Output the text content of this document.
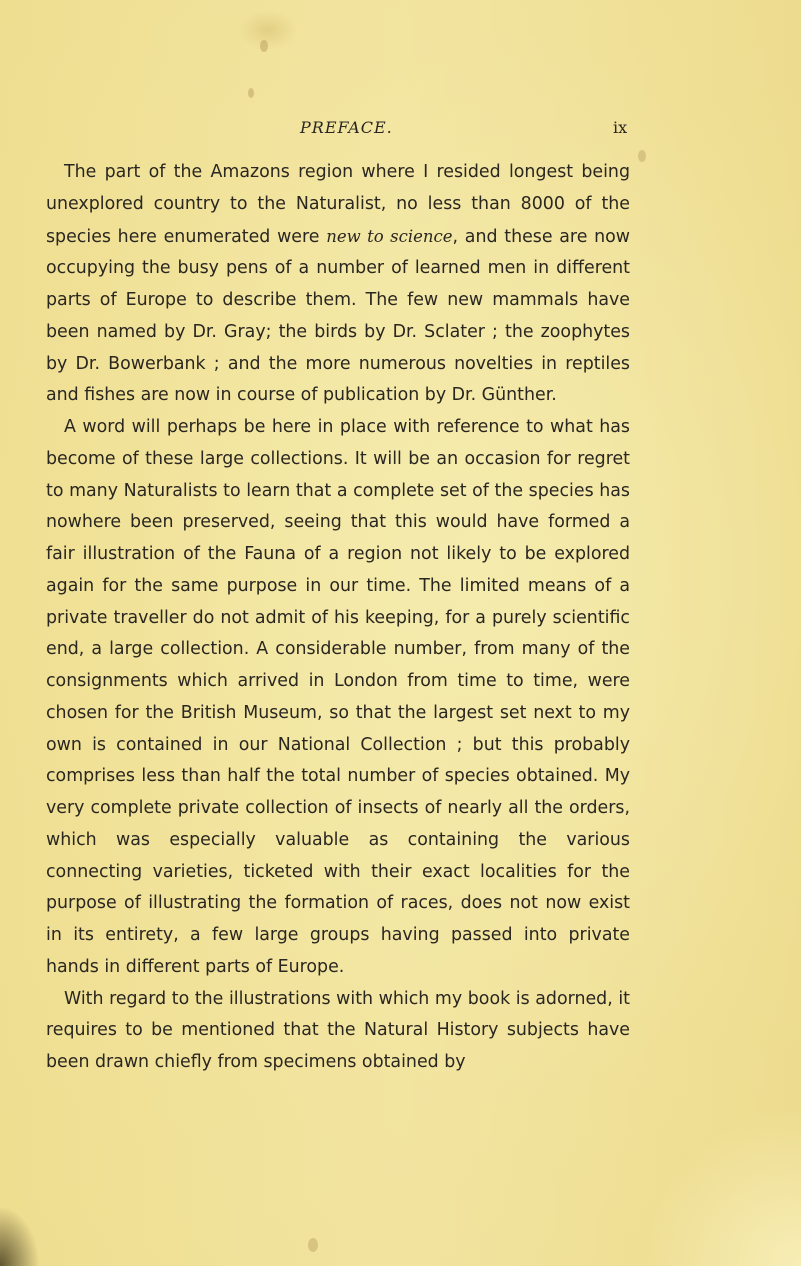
PREFACE.	ix

The part of the Amazons region where I resided longest being unexplored country to the Naturalist, no less than 8000 of the species here enumerated were new to science, and these are now occupying the busy pens of a number of learned men in different parts of Europe to describe them. The few new mammals have been named by Dr. Gray; the birds by Dr. Sclater ; the zoophytes by Dr. Bowerbank ; and the more numerous novelties in reptiles and fishes are now in course of publication by Dr. Günther.

A word will perhaps be here in place with reference to what has become of these large collections. It will be an occasion for regret to many Naturalists to learn that a complete set of the species has nowhere been preserved, seeing that this would have formed a fair illustration of the Fauna of a region not likely to be explored again for the same purpose in our time. The limited means of a private traveller do not admit of his keeping, for a purely scientific end, a large collection. A considerable number, from many of the consignments which arrived in London from time to time, were chosen for the British Museum, so that the largest set next to my own is contained in our National Collection ; but this probably comprises less than half the total number of species obtained. My very complete private collection of insects of nearly all the orders, which was especially valuable as containing the various connecting varieties, ticketed with their exact localities for the purpose of illustrating the formation of races, does not now exist in its entirety, a few large groups having passed into private hands in different parts of Europe.

With regard to the illustrations with which my book is adorned, it requires to be mentioned that the Natural History subjects have been drawn chiefly from specimens obtained by
